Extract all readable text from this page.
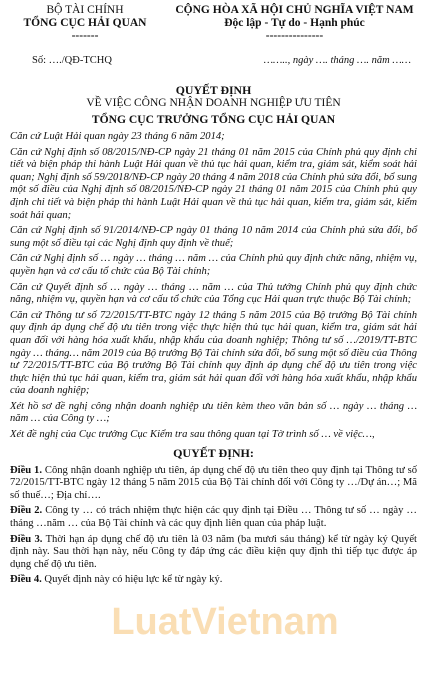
BỘ TÀI CHÍNH
TỔNG CỤC HẢI QUAN
-------
CỘNG HÒA XÃ HỘI CHỦ NGHĨA VIỆT NAM
Độc lập - Tự do - Hạnh phúc
---------------
Số: …./QĐ-TCHQ	…….., ngày …. tháng …. năm ……
QUYẾT ĐỊNH
VỀ VIỆC CÔNG NHẬN DOANH NGHIỆP ƯU TIÊN
TỔNG CỤC TRƯỞNG TỔNG CỤC HẢI QUAN

Căn cứ Luật Hải quan ngày 23 tháng 6 năm 2014;

Căn cứ Nghị định số 08/2015/NĐ-CP ngày 21 tháng 01 năm 2015 của Chính phủ quy định chi tiết và biện pháp thi hành Luật Hải quan về thủ tục hải quan, kiểm tra, giám sát, kiểm soát hải quan; Nghị định số 59/2018/NĐ-CP ngày 20 tháng 4 năm 2018 của Chính phủ sửa đổi, bổ sung một số điều của Nghị định số 08/2015/NĐ-CP ngày 21 tháng 01 năm 2015 của Chính phủ quy định chi tiết và biện pháp thi hành Luật Hải quan về thủ tục hải quan, kiểm tra, giám sát, kiểm soát hải quan;

Căn cứ Nghị định số 91/2014/NĐ-CP ngày 01 tháng 10 năm 2014 của Chính phủ sửa đổi, bổ sung một số điều tại các Nghị định quy định về thuế;

Căn cứ Nghị định số … ngày … tháng … năm … của Chính phủ quy định chức năng, nhiệm vụ, quyền hạn và cơ cấu tổ chức của Bộ Tài chính;

Căn cứ Quyết định số … ngày … tháng … năm … của Thủ tướng Chính phủ quy định chức năng, nhiệm vụ, quyền hạn và cơ cấu tổ chức của Tổng cục Hải quan trực thuộc Bộ Tài chính;

Căn cứ Thông tư số 72/2015/TT-BTC ngày 12 tháng 5 năm 2015 của Bộ trưởng Bộ Tài chính quy định áp dụng chế độ ưu tiên trong việc thực hiện thủ tục hải quan, kiểm tra, giám sát hải quan đối với hàng hóa xuất khẩu, nhập khẩu của doanh nghiệp; Thông tư số …/2019/TT-BTC ngày … tháng… năm 2019 của Bộ trưởng Bộ Tài chính sửa đổi, bổ sung một số điều của Thông tư 72/2015/TT-BTC của Bộ trưởng Bộ Tài chính quy định áp dụng chế độ ưu tiên trong việc thực hiện thủ tục hải quan, kiểm tra, giám sát hải quan đối với hàng hóa xuất khẩu, nhập khẩu của doanh nghiệp;

Xét hồ sơ đề nghị công nhận doanh nghiệp ưu tiên kèm theo văn bản số … ngày … tháng … năm … của Công ty …;

Xét đề nghị của Cục trưởng Cục Kiểm tra sau thông quan tại Tờ trình số … về việc…,

QUYẾT ĐỊNH:

Điều 1. Công nhận doanh nghiệp ưu tiên, áp dụng chế độ ưu tiên theo quy định tại Thông tư số 72/2015/TT-BTC ngày 12 tháng 5 năm 2015 của Bộ Tài chính đối với Công ty …/Dự án…; Mã số thuế…; Địa chỉ….

Điều 2. Công ty … có trách nhiệm thực hiện các quy định tại Điều … Thông tư số … ngày … tháng …năm … của Bộ Tài chính và các quy định liên quan của pháp luật.

Điều 3. Thời hạn áp dụng chế độ ưu tiên là 03 năm (ba mươi sáu tháng) kể từ ngày ký Quyết định này. Sau thời hạn này, nếu Công ty đáp ứng các điều kiện quy định thì tiếp tục được áp dụng chế độ ưu tiên.

Điều 4. Quyết định này có hiệu lực kể từ ngày ký.

LuatVietnam
